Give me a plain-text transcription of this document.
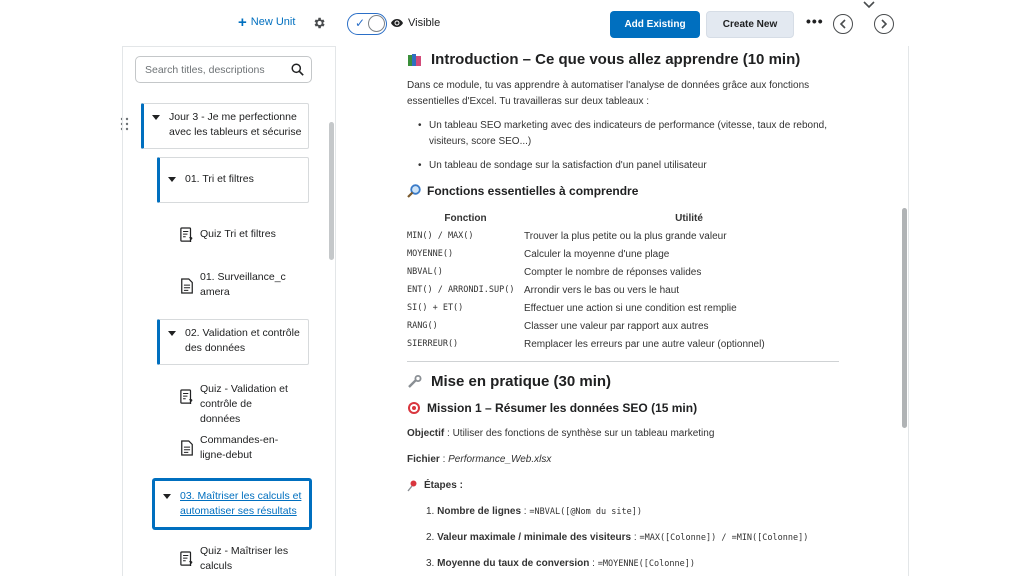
+ New Unit	✓	Visible	Add Existing	Create New	•••
Search titles, descriptions
Jour 3 - Je me perfectionne avec les tableurs et sécurise
01. Tri et filtres
? Quiz Tri et filtres
01. Surveillance_camera
02. Validation et contrôle des données
?
Quiz - Validation et contrôle de données
Commandes-en-ligne-debut
03. Maîtriser les calculs et automatiser ses résultats
?
Quiz - Maîtriser les calculs
Introduction – Ce que vous allez apprendre (10 min)

Dans ce module, tu vas apprendre à automatiser l'analyse de données grâce aux fonctions essentielles d'Excel. Tu travailleras sur deux tableaux :

• Un tableau SEO marketing avec des indicateurs de performance (vitesse, taux de rebond, visiteurs, score SEO...)
• Un tableau de sondage sur la satisfaction d'un panel utilisateur
Fonctions essentielles à comprendre
Fonction	Utilité
MIN() / MAX()	Trouver la plus petite ou la plus grande valeur
MOYENNE()	Calculer la moyenne d'une plage
NBVAL()	Compter le nombre de réponses valides
ENT() / ARRONDI.SUP()	Arrondir vers le bas ou vers le haut
SI() + ET()	Effectuer une action si une condition est remplie
RANG()	Classer une valeur par rapport aux autres
SIERREUR()	Remplacer les erreurs par une autre valeur (optionnel)
Mise en pratique (30 min)
Mission 1 – Résumer les données SEO (15 min)

Objectif : Utiliser des fonctions de synthèse sur un tableau marketing

Fichier : Performance_Web.xlsx

Étapes :

1. Nombre de lignes : =NBVAL([@Nom du site])
2. Valeur maximale / minimale des visiteurs : =MAX([Colonne]) / =MIN([Colonne])
3. Moyenne du taux de conversion : =MOYENNE([Colonne])
